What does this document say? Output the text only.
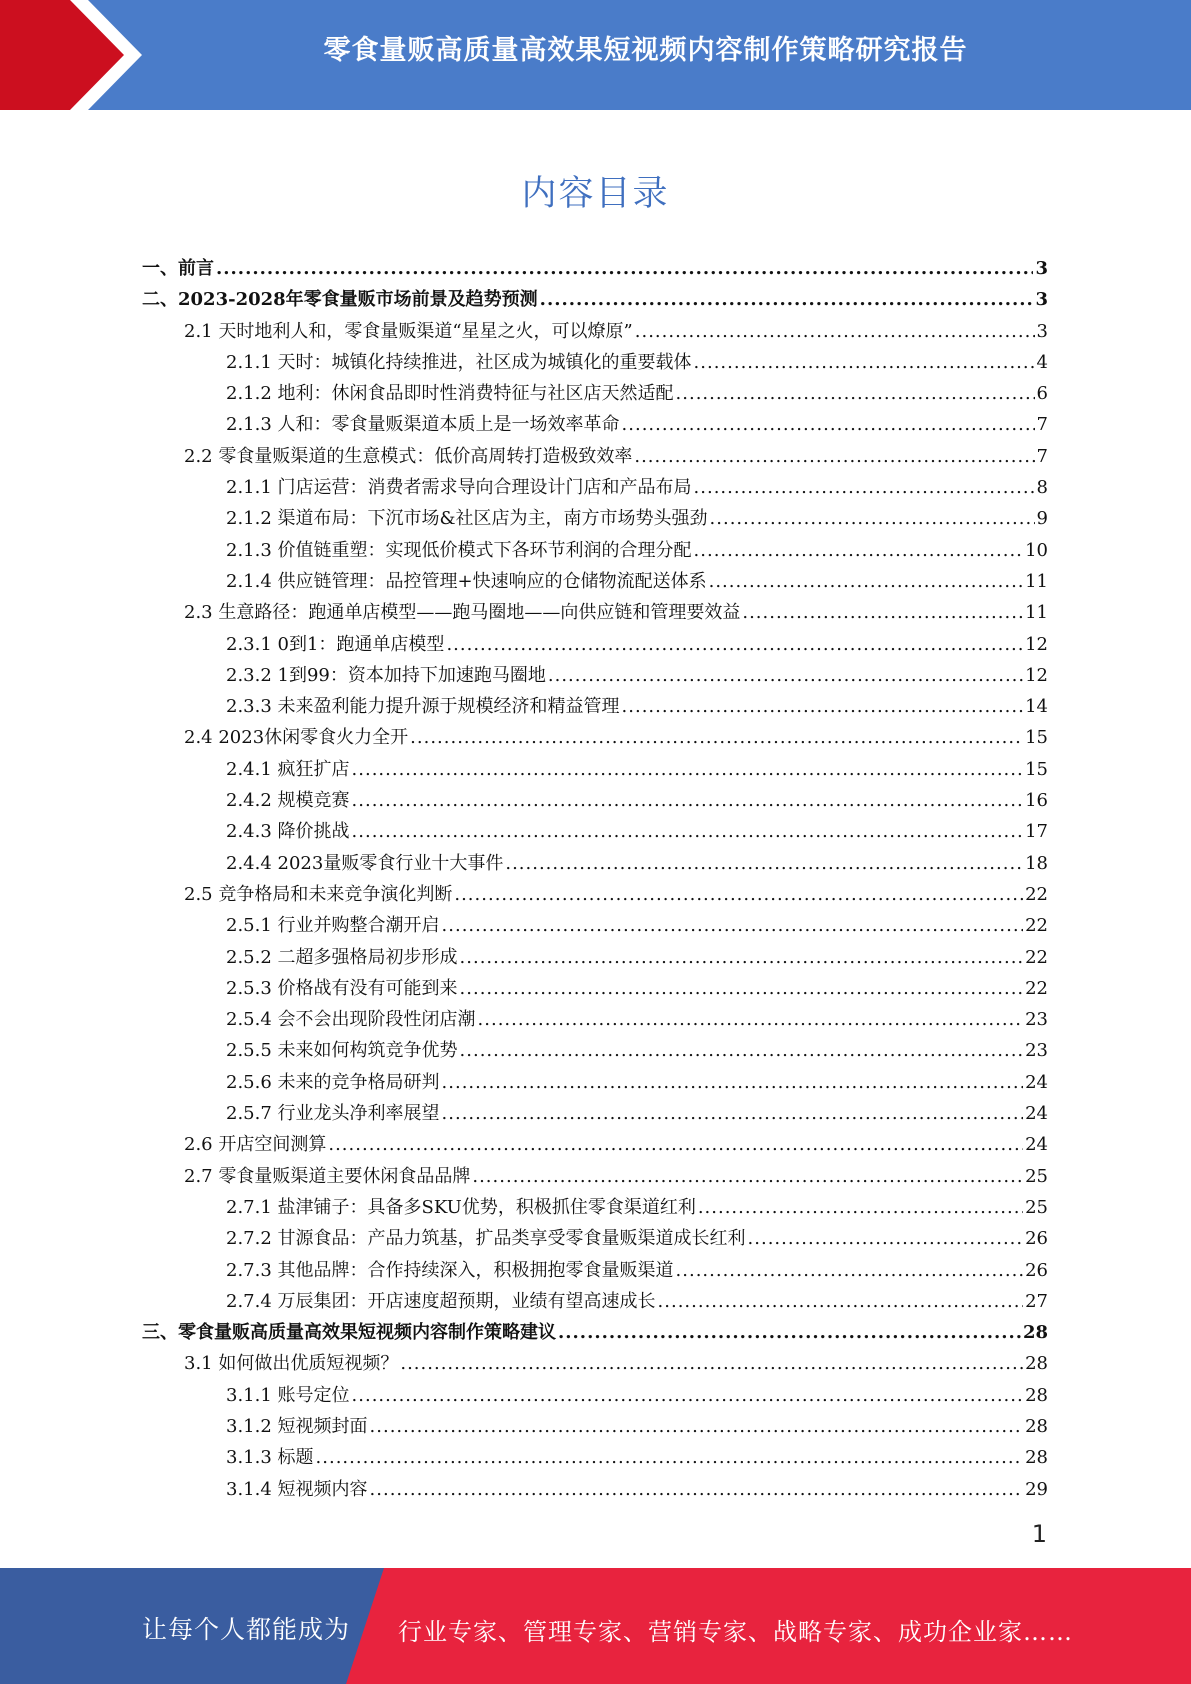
零食量贩高质量高效果短视频内容制作策略研究报告
内容目录
一、前言 .....	3
二、2023-2028年零食量贩市场前景及趋势预测 .....	3
2.1 天时地利人和，零食量贩渠道“星星之火，可以燎原” .....	3
2.1.1 天时：城镇化持续推进，社区成为城镇化的重要载体 .....	4
2.1.2 地利：休闲食品即时性消费特征与社区店天然适配 .....	6
2.1.3 人和：零食量贩渠道本质上是一场效率革命 .....	7
2.2 零食量贩渠道的生意模式：低价高周转打造极致效率 .....	7
2.1.1 门店运营：消费者需求导向合理设计门店和产品布局 .....	8
2.1.2 渠道布局：下沉市场&社区店为主，南方市场势头强劲 .....	9
2.1.3 价值链重塑：实现低价模式下各环节利润的合理分配 .....	10
2.1.4 供应链管理：品控管理+快速响应的仓储物流配送体系 .....	11
2.3 生意路径：跑通单店模型——跑马圈地——向供应链和管理要效益 .....	11
2.3.1 0到1：跑通单店模型 .....	12
2.3.2 1到99：资本加持下加速跑马圈地 .....	12
2.3.3 未来盈利能力提升源于规模经济和精益管理 .....	14
2.4 2023休闲零食火力全开 .....	15
2.4.1 疯狂扩店 .....	15
2.4.2 规模竞赛 .....	16
2.4.3 降价挑战 .....	17
2.4.4 2023量贩零食行业十大事件 .....	18
2.5 竞争格局和未来竞争演化判断 .....	22
2.5.1 行业并购整合潮开启 .....	22
2.5.2 二超多强格局初步形成 .....	22
2.5.3 价格战有没有可能到来 .....	22
2.5.4 会不会出现阶段性闭店潮 .....	23
2.5.5 未来如何构筑竞争优势 .....	23
2.5.6 未来的竞争格局研判 .....	24
2.5.7 行业龙头净利率展望 .....	24
2.6 开店空间测算 .....	24
2.7 零食量贩渠道主要休闲食品品牌 .....	25
2.7.1 盐津铺子：具备多SKU优势，积极抓住零食渠道红利 .....	25
2.7.2 甘源食品：产品力筑基，扩品类享受零食量贩渠道成长红利 .....	26
2.7.3 其他品牌：合作持续深入，积极拥抱零食量贩渠道 .....	26
2.7.4 万辰集团：开店速度超预期，业绩有望高速成长 .....	27
三、零食量贩高质量高效果短视频内容制作策略建议 .....	28
3.1 如何做出优质短视频？ .....	28
3.1.1 账号定位 .....	28
3.1.2 短视频封面 .....	28
3.1.3 标题 .....	28
3.1.4 短视频内容 .....	29
1
让每个人都能成为 行业专家、管理专家、营销专家、战略专家、成功企业家……
